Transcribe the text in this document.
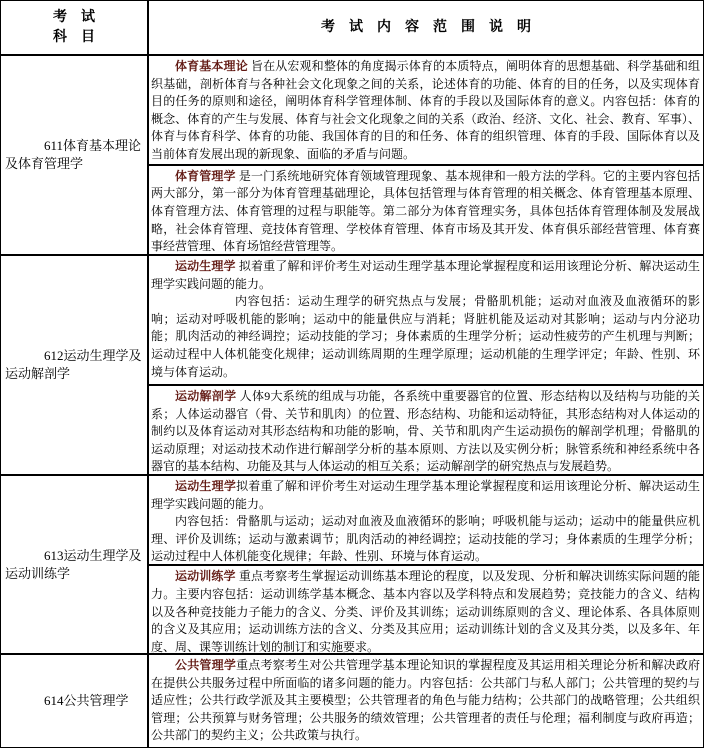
考　试
科　目
考　试　内　容　范　围　说　明
611体育基本理论及体育管理学

体育基本理论 旨在从宏观和整体的角度揭示体育的本质特点，阐明体育的思想基础、科学基础和组织基础，剖析体育与各种社会文化现象之间的关系，论述体育的功能、体育的目的任务，以及实现体育目的任务的原则和途径，阐明体育科学管理体制、体育的手段以及国际体育的意义。内容包括：体育的概念、体育的产生与发展、体育与社会文化现象之间的关系（政治、经济、文化、社会、教育、军事）、体育与体育科学、体育的功能、我国体育的目的和任务、体育的组织管理、体育的手段、国际体育以及当前体育发展出现的新现象、面临的矛盾与问题。

体育管理学 是一门系统地研究体育领域管理现象、基本规律和一般方法的学科。它的主要内容包括两大部分，第一部分为体育管理基础理论，具体包括管理与体育管理的相关概念、体育管理基本原理、体育管理方法、体育管理的过程与职能等。第二部分为体育管理实务，具体包括体育管理体制及发展战略，社会体育管理、竞技体育管理、学校体育管理、体育市场及其开发、体育俱乐部经营管理、体育赛事经营管理、体育场馆经营管理等。

612运动生理学及运动解剖学

运动生理学 拟着重了解和评价考生对运动生理学基本理论掌握程度和运用该理论分析、解决运动生理学实践问题的能力。

内容包括：运动生理学的研究热点与发展；骨骼肌机能；运动对血液及血液循环的影响；运动对呼吸机能的影响；运动中的能量供应与消耗；肾脏机能及运动对其影响；运动与内分泌功能；肌肉活动的神经调控；运动技能的学习；身体素质的生理学分析；运动性疲劳的产生机理与判断；运动过程中人体机能变化规律；运动训练周期的生理学原理；运动机能的生理学评定；年龄、性别、环境与体育运动。

运动解剖学 人体9大系统的组成与功能，各系统中重要器官的位置、形态结构以及结构与功能的关系；人体运动器官（骨、关节和肌肉）的位置、形态结构、功能和运动特征，其形态结构对人体运动的制约以及体育运动对其形态结构和功能的影响，骨、关节和肌肉产生运动损伤的解剖学机理；骨骼肌的运动原理；对运动技术动作进行解剖学分析的基本原则、方法以及实例分析；脉管系统和神经系统中各器官的基本结构、功能及其与人体运动的相互关系；运动解剖学的研究热点与发展趋势。

613运动生理学及运动训练学

运动生理学拟着重了解和评价考生对运动生理学基本理论掌握程度和运用该理论分析、解决运动生理学实践问题的能力。

内容包括：骨骼肌与运动；运动对血液及血液循环的影响；呼吸机能与运动；运动中的能量供应机理、评价及训练；运动与激素调节；肌肉活动的神经调控；运动技能的学习；身体素质的生理学分析；运动过程中人体机能变化规律；年龄、性别、环境与体育运动。

运动训练学 重点考察考生掌握运动训练基本理论的程度，以及发现、分析和解决训练实际问题的能力。主要内容包括：运动训练学基本概念、基本内容以及学科特点和发展趋势；竞技能力的含义、结构以及各种竞技能力子能力的含义、分类、评价及其训练；运动训练原则的含义、理论体系、各具体原则的含义及其应用；运动训练方法的含义、分类及其应用；运动训练计划的含义及其分类，以及多年、年度、周、课等训练计划的制订和实施要求。

614公共管理学

公共管理学重点考察考生对公共管理学基本理论知识的掌握程度及其运用相关理论分析和解决政府在提供公共服务过程中所面临的诸多问题的能力。内容包括：公共部门与私人部门；公共管理的契约与适应性；公共行政学派及其主要模型；公共管理者的角色与能力结构；公共部门的战略管理；公共组织管理；公共预算与财务管理；公共服务的绩效管理；公共管理者的责任与伦理；福利制度与政府再造；公共部门的契约主义；公共政策与执行。
